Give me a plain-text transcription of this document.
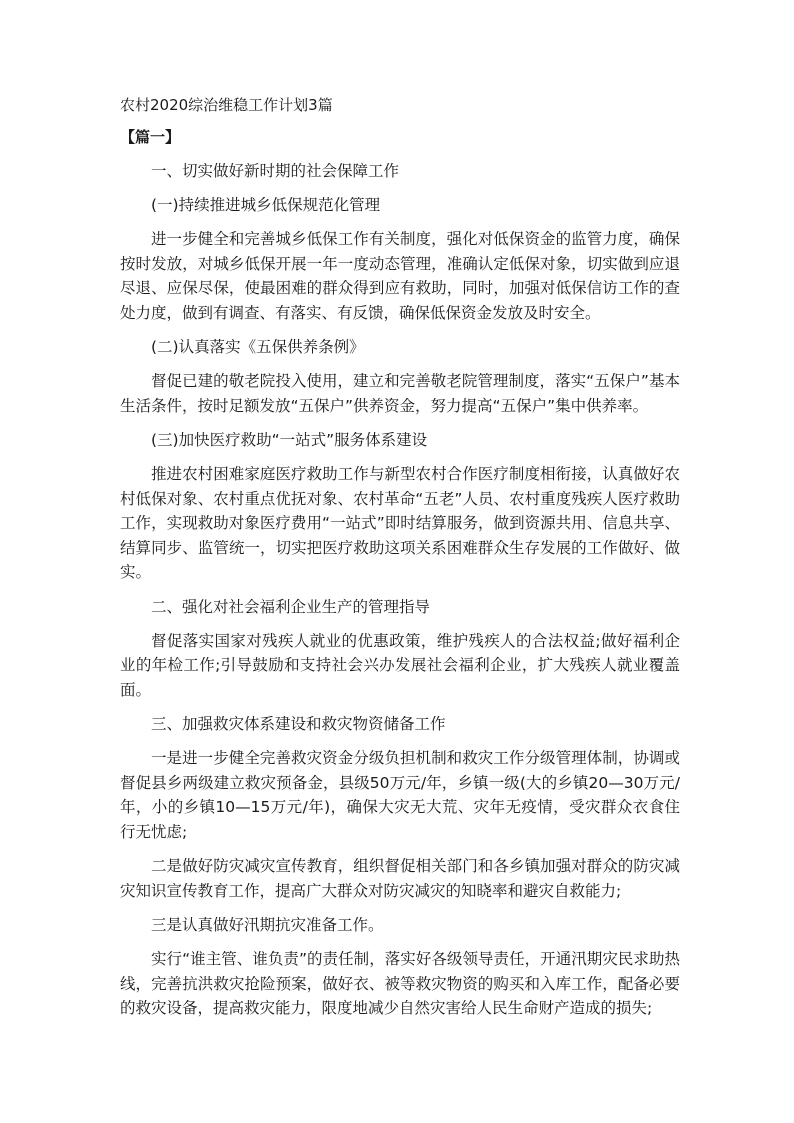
农村2020综治维稳工作计划3篇
【篇一】
一、切实做好新时期的社会保障工作
(一)持续推进城乡低保规范化管理
进一步健全和完善城乡低保工作有关制度，强化对低保资金的监管力度，确保按时发放，对城乡低保开展一年一度动态管理，准确认定低保对象，切实做到应退尽退、应保尽保，使最困难的群众得到应有救助，同时，加强对低保信访工作的查处力度，做到有调查、有落实、有反馈，确保低保资金发放及时安全。
(二)认真落实《五保供养条例》
督促已建的敬老院投入使用，建立和完善敬老院管理制度，落实“五保户”基本生活条件，按时足额发放“五保户”供养资金，努力提高“五保户”集中供养率。
(三)加快医疗救助“一站式”服务体系建设
推进农村困难家庭医疗救助工作与新型农村合作医疗制度相衔接，认真做好农村低保对象、农村重点优抚对象、农村革命“五老”人员、农村重度残疾人医疗救助工作，实现救助对象医疗费用“一站式”即时结算服务，做到资源共用、信息共享、结算同步、监管统一，切实把医疗救助这项关系困难群众生存发展的工作做好、做实。
二、强化对社会福利企业生产的管理指导
督促落实国家对残疾人就业的优惠政策，维护残疾人的合法权益;做好福利企业的年检工作;引导鼓励和支持社会兴办发展社会福利企业，扩大残疾人就业覆盖面。
三、加强救灾体系建设和救灾物资储备工作
一是进一步健全完善救灾资金分级负担机制和救灾工作分级管理体制，协调或督促县乡两级建立救灾预备金，县级50万元/年，乡镇一级(大的乡镇20—30万元/年，小的乡镇10—15万元/年)，确保大灾无大荒、灾年无疫情，受灾群众衣食住行无忧虑;
二是做好防灾减灾宣传教育，组织督促相关部门和各乡镇加强对群众的防灾减灾知识宣传教育工作，提高广大群众对防灾减灾的知晓率和避灾自救能力;
三是认真做好汛期抗灾准备工作。
实行“谁主管、谁负责”的责任制，落实好各级领导责任，开通汛期灾民求助热线，完善抗洪救灾抢险预案，做好衣、被等救灾物资的购买和入库工作，配备必要的救灾设备，提高救灾能力，限度地减少自然灾害给人民生命财产造成的损失;
